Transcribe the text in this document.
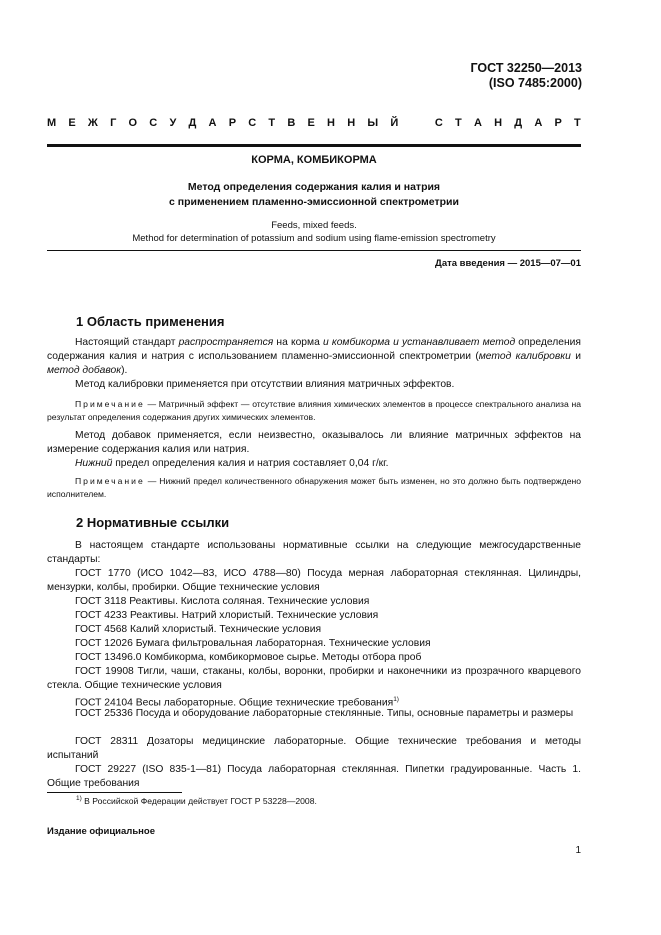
ГОСТ 32250—2013
(ISO 7485:2000)
М Е Ж Г О С У Д А Р С Т В Е Н Н Ы Й	С Т А Н Д А Р Т
КОРМА, КОМБИКОРМА
Метод определения содержания калия и натрия
с применением пламенно-эмиссионной спектрометрии
Feeds, mixed feeds.
Method for determination of potassium and sodium using flame-emission spectrometry
Дата введения — 2015—07—01
1 Область применения

Настоящий стандарт распространяется на корма и комбикорма и устанавливает метод определения содержания калия и натрия с использованием пламенно-эмиссионной спектрометрии (метод калибровки и метод добавок).

Метод калибровки применяется при отсутствии влияния матричных эффектов.

Примечание — Матричный эффект — отсутствие влияния химических элементов в процессе спектрального анализа на результат определения содержания других химических элементов.

Метод добавок применяется, если неизвестно, оказывалось ли влияние матричных эффектов на измерение содержания калия или натрия.

Нижний предел определения калия и натрия составляет 0,04 г/кг.

Примечание — Нижний предел количественного обнаружения может быть изменен, но это должно быть подтверждено исполнителем.

2 Нормативные ссылки

В настоящем стандарте использованы нормативные ссылки на следующие межгосударственные стандарты:

ГОСТ 1770 (ИСО 1042—83, ИСО 4788—80) Посуда мерная лабораторная стеклянная. Цилиндры, мензурки, колбы, пробирки. Общие технические условия

ГОСТ 3118 Реактивы. Кислота соляная. Технические условия

ГОСТ 4233 Реактивы. Натрий хлористый. Технические условия

ГОСТ 4568 Калий хлористый. Технические условия

ГОСТ 12026 Бумага фильтровальная лабораторная. Технические условия

ГОСТ 13496.0 Комбикорма, комбикормовое сырье. Методы отбора проб

ГОСТ 19908 Тигли, чаши, стаканы, колбы, воронки, пробирки и наконечники из прозрачного кварцевого стекла. Общие технические условия

ГОСТ 24104 Весы лабораторные. Общие технические требования$^{1)}$

ГОСТ 25336 Посуда и оборудование лабораторные стеклянные. Типы, основные параметры и размеры

ГОСТ 28311 Дозаторы медицинские лабораторные. Общие технические требования и методы испытаний

ГОСТ 29227 (ISO 835-1—81) Посуда лабораторная стеклянная. Пипетки градуированные. Часть 1. Общие требования

$^{1)}$ В Российской Федерации действует ГОСТ Р 53228—2008.
Издание официальное
1
